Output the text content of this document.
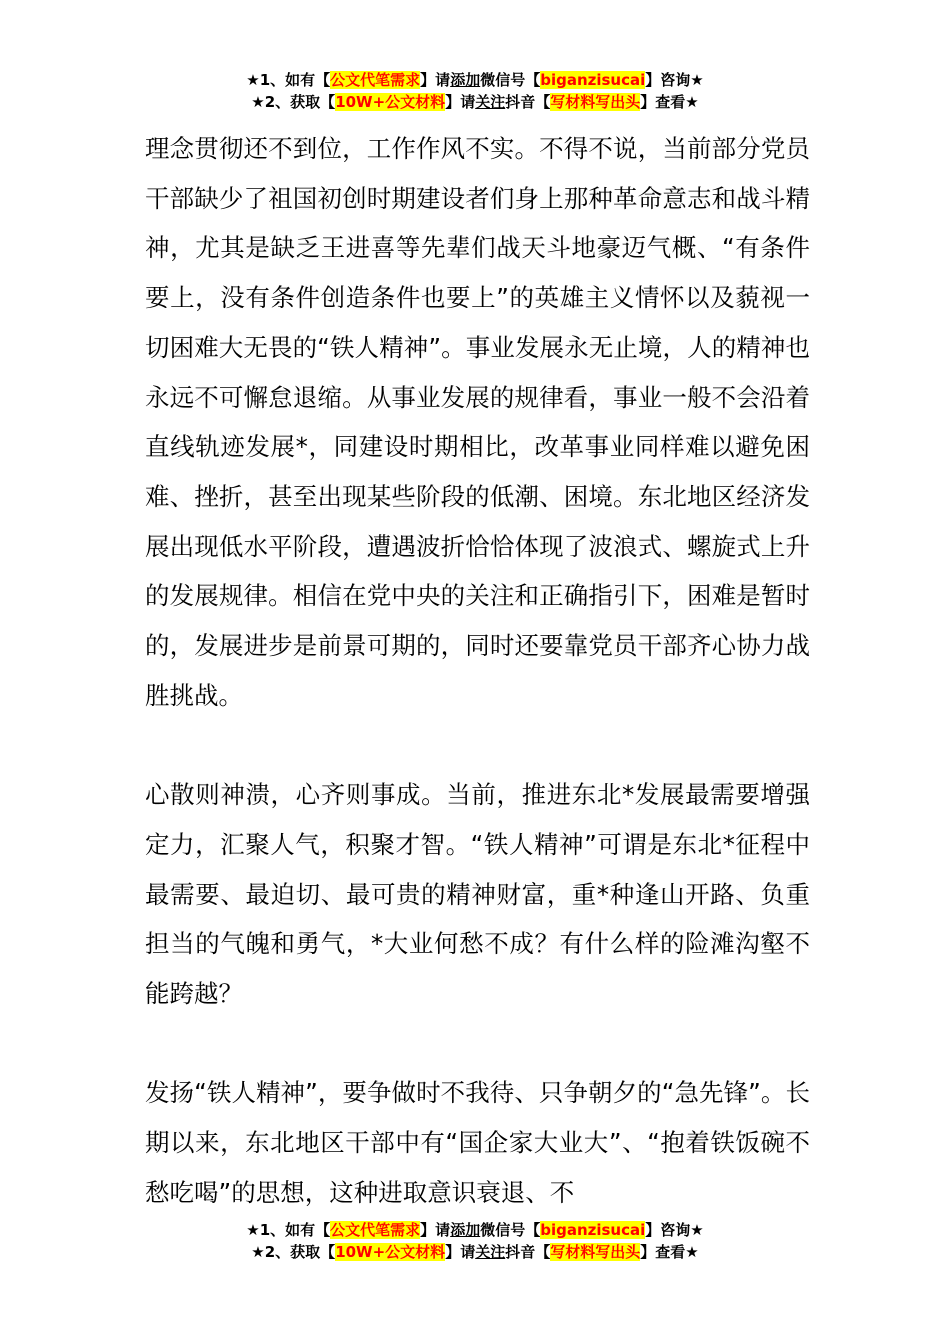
★1、如有【公文代笔需求】请添加微信号【biganzisucai】咨询★
★2、获取【10W+公文材料】请关注抖音【写材料写出头】查看★

理念贯彻还不到位，工作作风不实。不得不说，当前部分党员干部缺少了祖国初创时期建设者们身上那种革命意志和战斗精神，尤其是缺乏王进喜等先辈们战天斗地豪迈气概、“有条件要上，没有条件创造条件也要上”的英雄主义情怀以及藐视一切困难大无畏的“铁人精神”。事业发展永无止境，人的精神也永远不可懈怠退缩。从事业发展的规律看，事业一般不会沿着直线轨迹发展*，同建设时期相比，改革事业同样难以避免困难、挫折，甚至出现某些阶段的低潮、困境。东北地区经济发展出现低水平阶段，遭遇波折恰恰体现了波浪式、螺旋式上升的发展规律。相信在党中央的关注和正确指引下，困难是暂时的，发展进步是前景可期的，同时还要靠党员干部齐心协力战胜挑战。

心散则神溃，心齐则事成。当前，推进东北*发展最需要增强定力，汇聚人气，积聚才智。“铁人精神”可谓是东北*征程中最需要、最迫切、最可贵的精神财富，重*种逢山开路、负重担当的气魄和勇气，*大业何愁不成？有什么样的险滩沟壑不能跨越？

发扬“铁人精神”，要争做时不我待、只争朝夕的“急先锋”。长期以来，东北地区干部中有“国企家大业大”、“抱着铁饭碗不愁吃喝”的思想，这种进取意识衰退、不

★1、如有【公文代笔需求】请添加微信号【biganzisucai】咨询★
★2、获取【10W+公文材料】请关注抖音【写材料写出头】查看★
